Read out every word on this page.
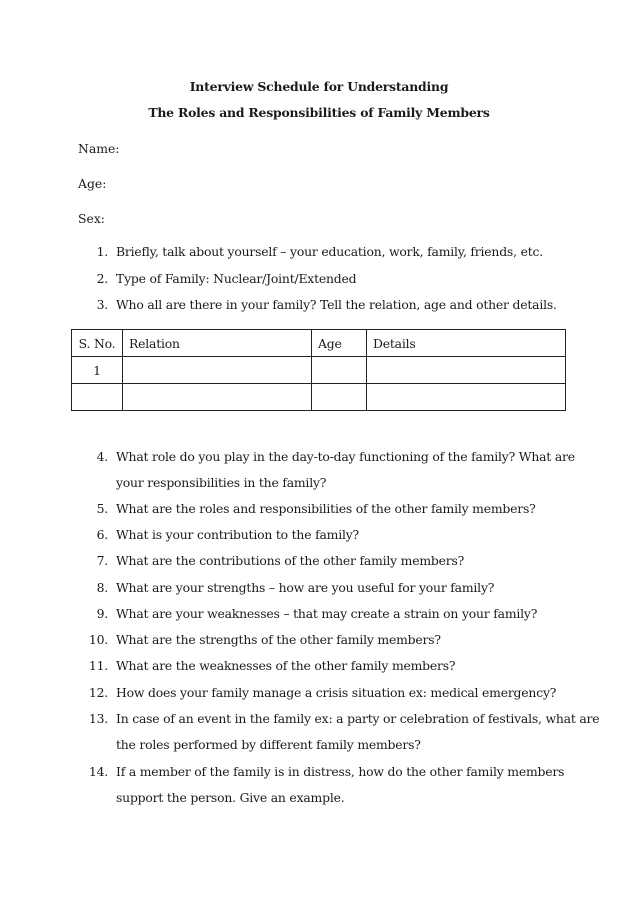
Interview Schedule for Understanding
The Roles and Responsibilities of Family Members
Name:
Age:
Sex:
1. Briefly, talk about yourself – your education, work, family, friends, etc.
2. Type of Family: Nuclear/Joint/Extended
3. Who all are there in your family? Tell the relation, age and other details.
S. No.	Relation	Age	Details
1			

4. What role do you play in the day-to-day functioning of the family? What are
your responsibilities in the family?
5. What are the roles and responsibilities of the other family members?
6. What is your contribution to the family?
7. What are the contributions of the other family members?
8. What are your strengths – how are you useful for your family?
9. What are your weaknesses – that may create a strain on your family?
10. What are the strengths of the other family members?
11. What are the weaknesses of the other family members?
12. How does your family manage a crisis situation ex: medical emergency?
13. In case of an event in the family ex: a party or celebration of festivals, what are
the roles performed by different family members?
14. If a member of the family is in distress, how do the other family members
support the person. Give an example.
